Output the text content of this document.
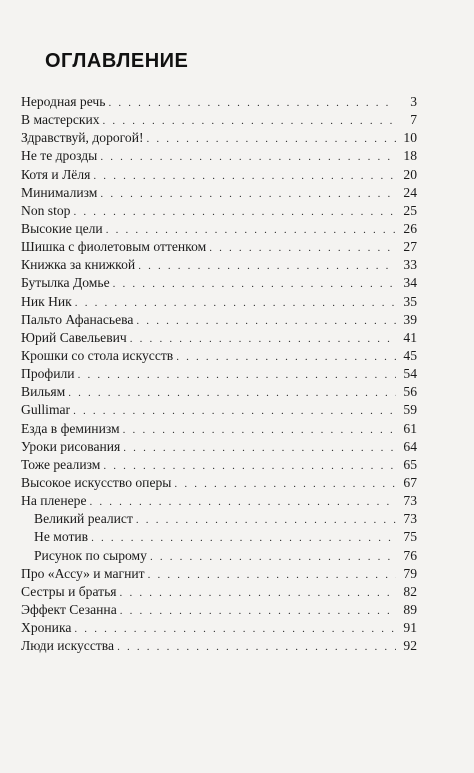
ОГЛАВЛЕНИЕ
Неродная речь . . .	3
В мастерских . . .	7
Здравствуй, дорогой! . . .	10
Не те дрозды . . .	18
Котя и Лёля . . .	20
Минимализм . . .	24
Non stop . . .	25
Высокие цели . . .	26
Шишка с фиолетовым оттенком . . .	27
Книжка за книжкой . . .	33
Бутылка Домье . . .	34
Ник Ник . . .	35
Пальто Афанасьева . . .	39
Юрий Савельевич . . .	41
Крошки со стола искусств . . .	45
Профили . . .	54
Вильям . . .	56
Gullimar . . .	59
Езда в феминизм . . .	61
Уроки рисования . . .	64
Тоже реализм . . .	65
Высокое искусство оперы . . .	67
На пленере . . .	73
Великий реалист . . .	73
Не мотив . . .	75
Рисунок по сырому . . .	76
Про «Ассу» и магнит . . .	79
Сестры и братья . . .	82
Эффект Сезанна . . .	89
Хроника . . .	91
Люди искусства . . .	92
